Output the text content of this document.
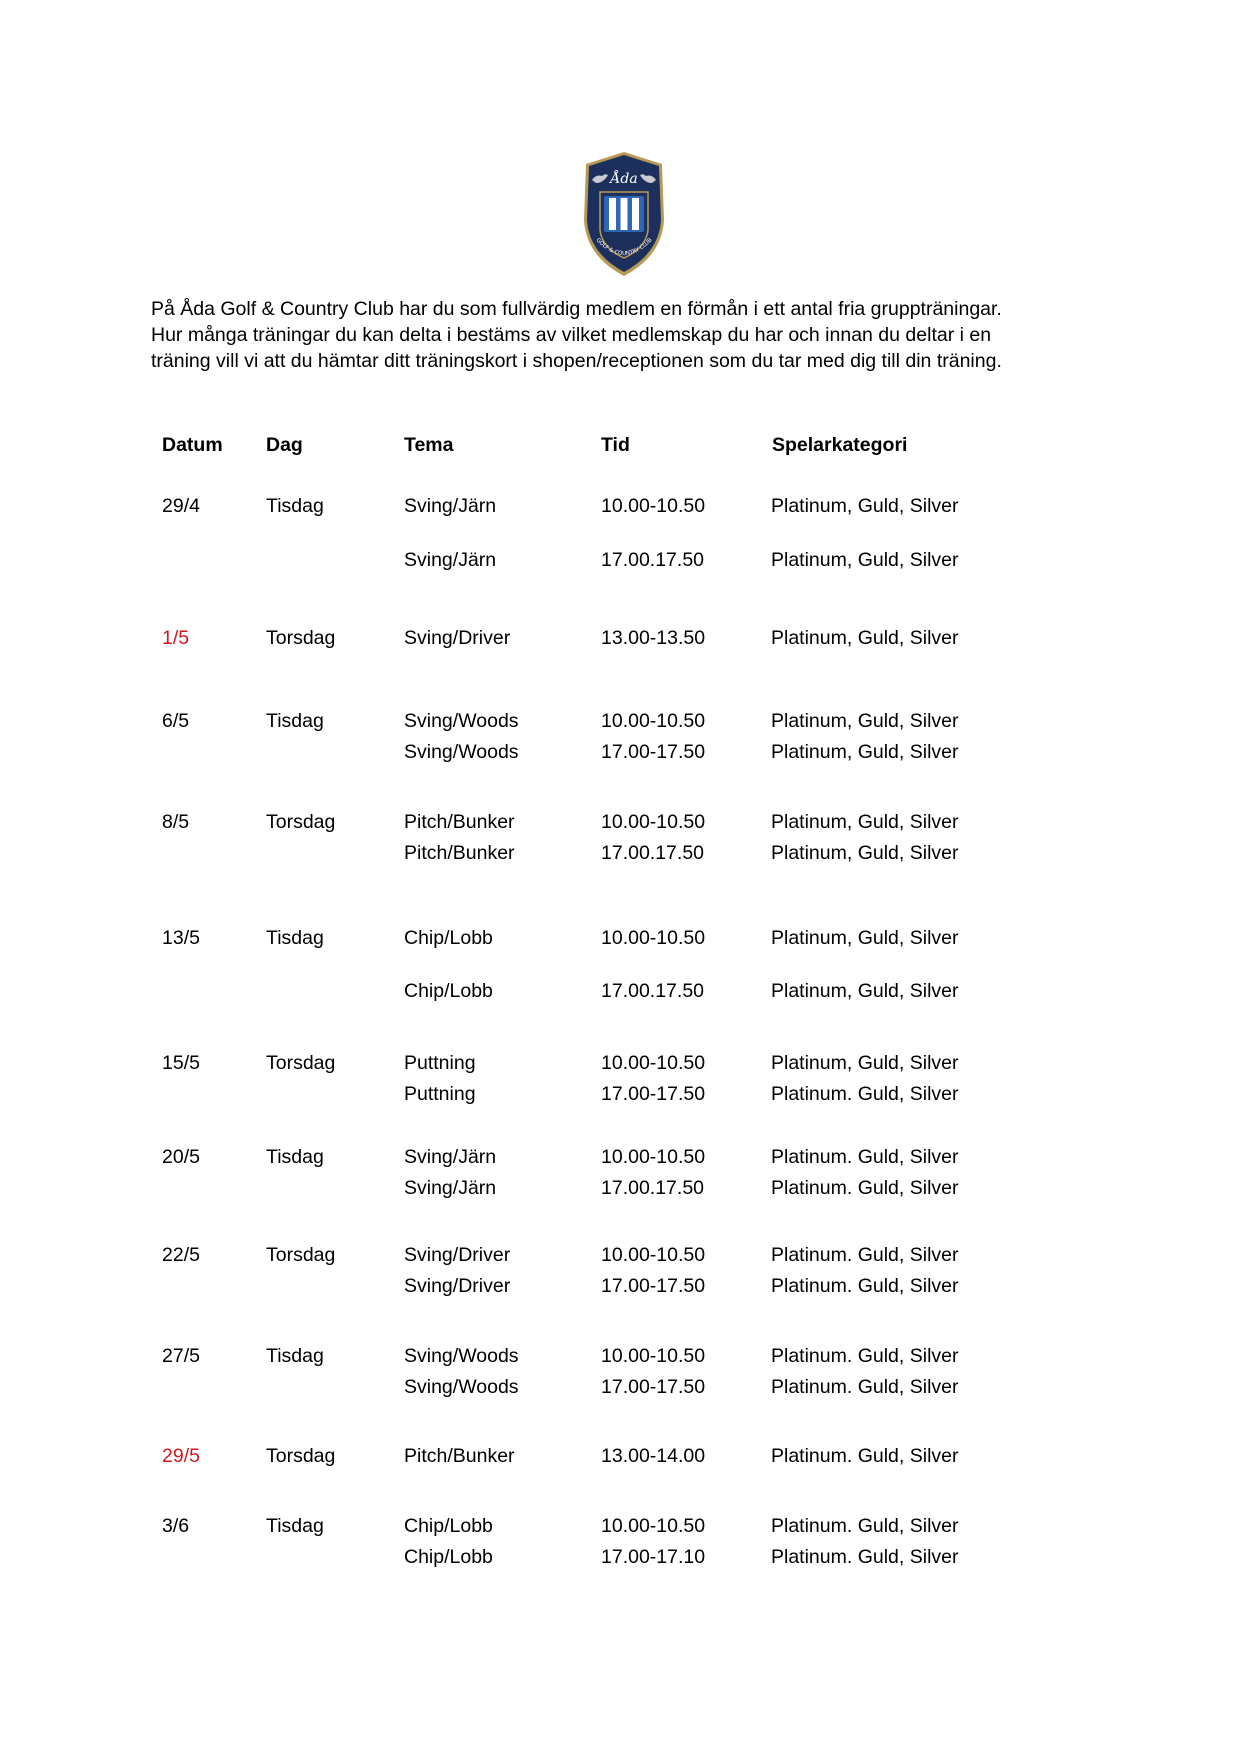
Åda
GOLF & COUNTRY CLUB

På Åda Golf & Country Club har du som fullvärdig medlem en förmån i ett antal fria gruppträningar.

Hur många träningar du kan delta i bestäms av vilket medlemskap du har och innan du deltar i en

träning vill vi att du hämtar ditt träningskort i shopen/receptionen som du tar med dig till din träning.

Datum Dag	Tema	Tid	Spelarkategori
29/4	Tisdag	Sving/Järn	10.00-10.50	Platinum, Guld, Silver
Sving/Järn	17.00.17.50	Platinum, Guld, Silver
1/5	Torsdag	Sving/Driver	13.00-13.50	Platinum, Guld, Silver
6/5	Tisdag	Sving/Woods	10.00-10.50	Platinum, Guld, Silver
Sving/Woods	17.00-17.50	Platinum, Guld, Silver
8/5	Torsdag	Pitch/Bunker	10.00-10.50	Platinum, Guld, Silver
Pitch/Bunker	17.00.17.50	Platinum, Guld, Silver
13/5	Tisdag	Chip/Lobb	10.00-10.50	Platinum, Guld, Silver
Chip/Lobb	17.00.17.50	Platinum, Guld, Silver
15/5	Torsdag	Puttning	10.00-10.50	Platinum, Guld, Silver
Puttning	17.00-17.50	Platinum. Guld, Silver
20/5	Tisdag	Sving/Järn	10.00-10.50	Platinum. Guld, Silver
Sving/Järn	17.00.17.50	Platinum. Guld, Silver
22/5	Torsdag	Sving/Driver	10.00-10.50	Platinum. Guld, Silver
Sving/Driver	17.00-17.50	Platinum. Guld, Silver
27/5	Tisdag	Sving/Woods	10.00-10.50	Platinum. Guld, Silver
Sving/Woods	17.00-17.50	Platinum. Guld, Silver
29/5	Torsdag	Pitch/Bunker	13.00-14.00	Platinum. Guld, Silver
3/6	Tisdag	Chip/Lobb	10.00-10.50	Platinum. Guld, Silver
Chip/Lobb	17.00-17.10	Platinum. Guld, Silver
